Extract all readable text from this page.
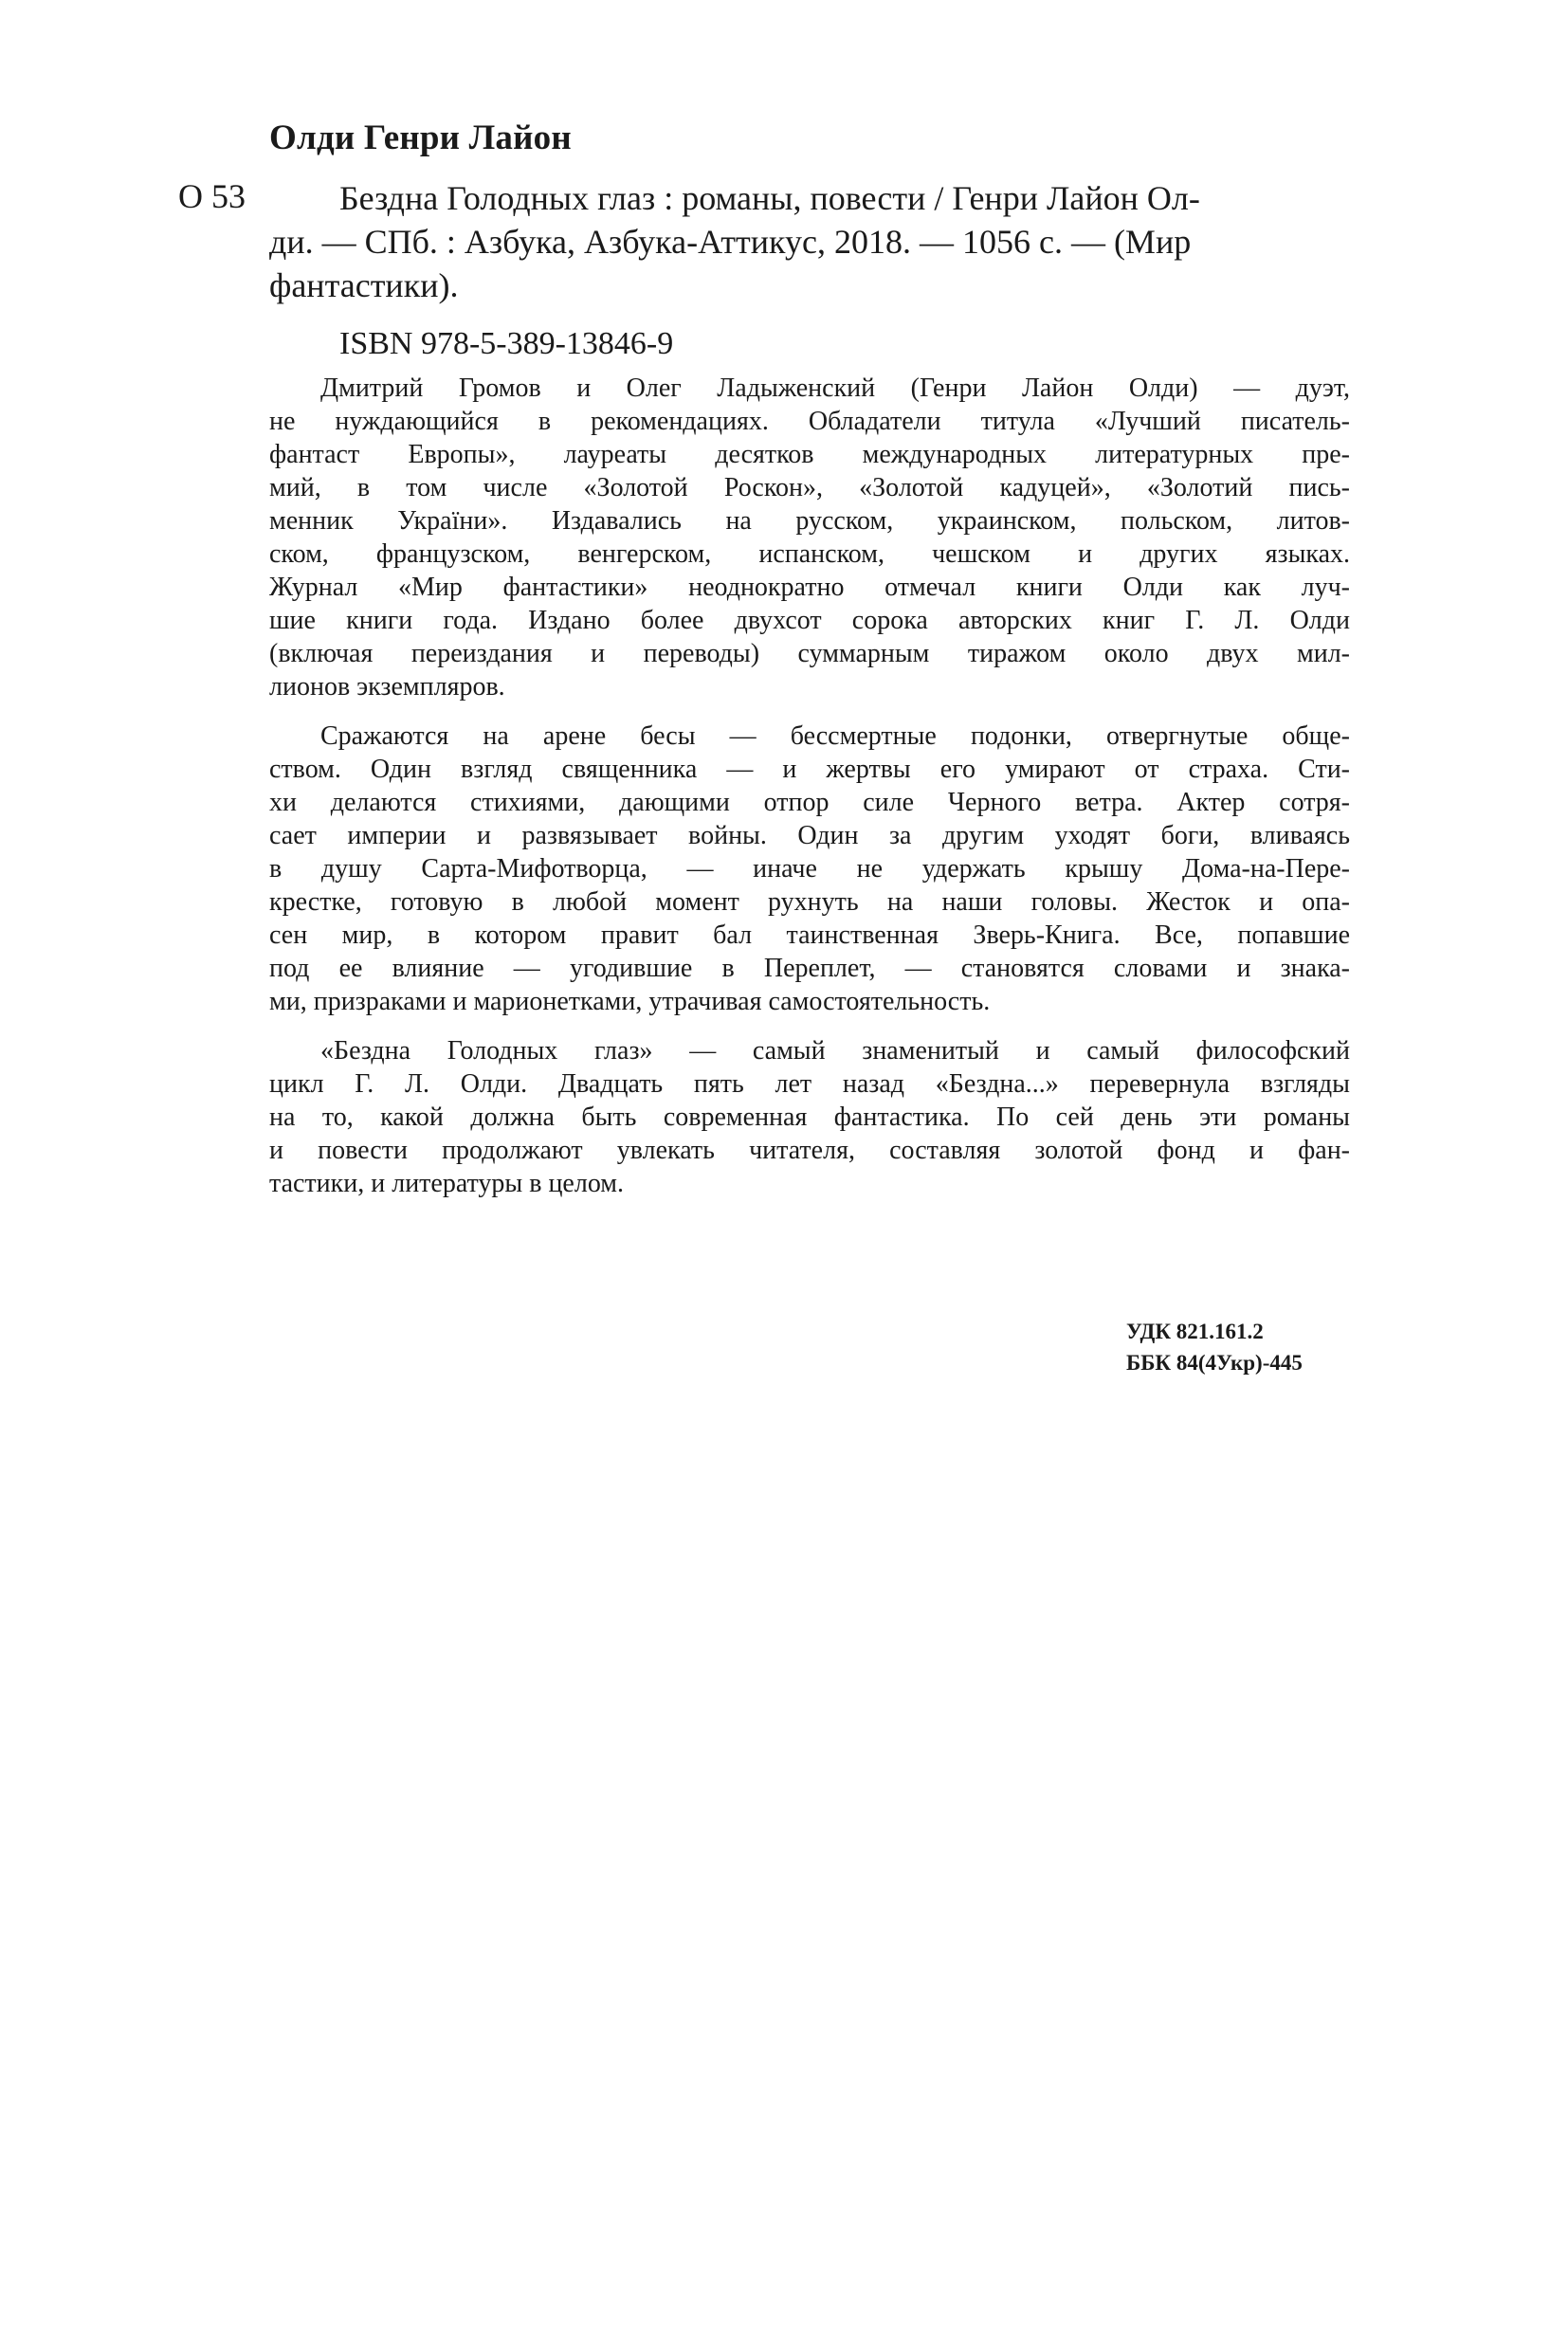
Олди Генри Лайон
О 53	Бездна Голодных глаз : романы, повести / Генри Лайон Ол-
ди. — СПб. : Азбука, Азбука-Аттикус, 2018. — 1056 с. — (Мир
фантастики).
ISBN 978-5-389-13846-9
Дмитрий Громов и Олег Ладыженский (Генри Лайон Олди) — дуэт,
не нуждающийся в рекомендациях. Обладатели титула «Лучший писатель-
фантаст Европы», лауреаты десятков международных литературных пре-
мий, в том числе «Золотой Роскон», «Золотой кадуцей», «Золотий пись-
менник України». Издавались на русском, украинском, польском, литов-
ском, французском, венгерском, испанском, чешском и других языках.
Журнал «Мир фантастики» неоднократно отмечал книги Олди как луч-
шие книги года. Издано более двухсот сорока авторских книг Г. Л. Олди
(включая переиздания и переводы) суммарным тиражом около двух мил-
лионов экземпляров.
Сражаются на арене бесы — бессмертные подонки, отвергнутые обще-
ством. Один взгляд священника — и жертвы его умирают от страха. Сти-
хи делаются стихиями, дающими отпор силе Черного ветра. Актер сотря-
сает империи и развязывает войны. Один за другим уходят боги, вливаясь
в душу Сарта-Мифотворца, — иначе не удержать крышу Дома-на-Пере-
крестке, готовую в любой момент рухнуть на наши головы. Жесток и опа-
сен мир, в котором правит бал таинственная Зверь-Книга. Все, попавшие
под ее влияние — угодившие в Переплет, — становятся словами и знака-
ми, призраками и марионетками, утрачивая самостоятельность.
«Бездна Голодных глаз» — самый знаменитый и самый философский
цикл Г. Л. Олди. Двадцать пять лет назад «Бездна...» перевернула взгляды
на то, какой должна быть современная фантастика. По сей день эти романы
и повести продолжают увлекать читателя, составляя золотой фонд и фан-
тастики, и литературы в целом.
УДК 821.161.2
ББК 84(4Укр)-445
